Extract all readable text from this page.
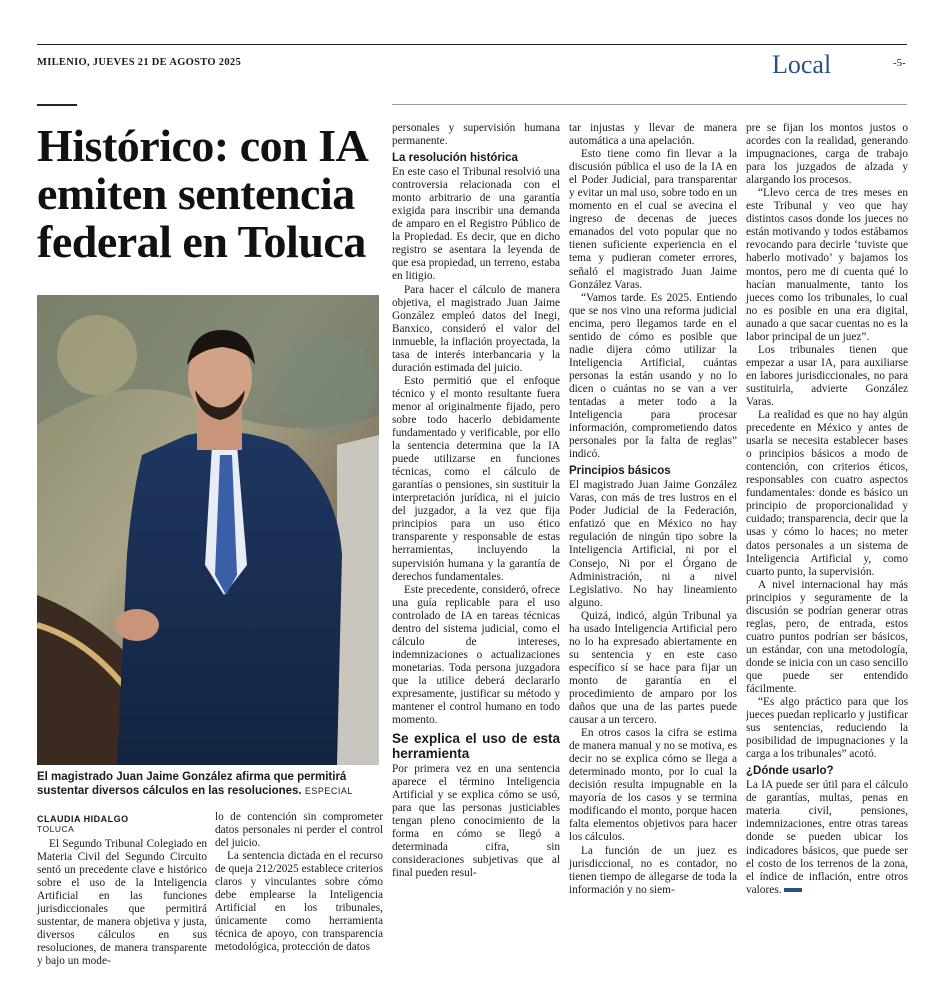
MILENIO, JUEVES 21 DE AGOSTO 2025	Local	-5-
Histórico: con IA emiten sentencia federal en Toluca
El magistrado Juan Jaime González afirma que permitirá sustentar diversos cálculos en las resoluciones. ESPECIAL
CLAUDIA HIDALGO
TOLUCA

El Segundo Tribunal Colegiado en Materia Civil del Segundo Circuito sentó un precedente clave e histórico sobre el uso de la Inteligencia Artificial en las funciones jurisdiccionales que permitirá sustentar, de manera objetiva y justa, diversos cálculos en sus resoluciones, de manera transparente y bajo un mode-

lo de contención sin comprometer datos personales ni perder el control del juicio.

La sentencia dictada en el recurso de queja 212/2025 establece criterios claros y vinculantes sobre cómo debe emplearse la Inteligencia Artificial en los tribunales, únicamente como herramienta técnica de apoyo, con transparencia metodológica, protección de datos

personales y supervisión humana permanente.

La resolución histórica

En este caso el Tribunal resolvió una controversia relacionada con el monto arbitrario de una garantía exigida para inscribir una demanda de amparo en el Registro Público de la Propiedad. Es decir, que en dicho registro se asentara la leyenda de que esa propiedad, un terreno, estaba en litigio.

Para hacer el cálculo de manera objetiva, el magistrado Juan Jaime González empleó datos del Inegi, Banxico, consideró el valor del inmueble, la inflación proyectada, la tasa de interés interbancaria y la duración estimada del juicio.

Esto permitió que el enfoque técnico y el monto resultante fuera menor al originalmente fijado, pero sobre todo hacerlo debidamente fundamentado y verificable, por ello la sentencia determina que la IA puede utilizarse en funciones técnicas, como el cálculo de garantías o pensiones, sin sustituir la interpretación jurídica, ni el juicio del juzgador, a la vez que fija principios para un uso ético transparente y responsable de estas herramientas, incluyendo la supervisión humana y la garantía de derechos fundamentales.

Este precedente, consideró, ofrece una guía replicable para el uso controlado de IA en tareas técnicas dentro del sistema judicial, como el cálculo de intereses, indemnizaciones o actualizaciones monetarias. Toda persona juzgadora que la utilice deberá declararlo expresamente, justificar su método y mantener el control humano en todo momento.

Se explica el uso de esta herramienta

Por primera vez en una sentencia aparece el término Inteligencia Artificial y se explica cómo se usó, para que las personas justiciables tengan pleno conocimiento de la forma en cómo se llegó a determinada cifra, sin consideraciones subjetivas que al final pueden resul-

tar injustas y llevar de manera automática a una apelación.

Esto tiene como fin llevar a la discusión pública el uso de la IA en el Poder Judicial, para transparentar y evitar un mal uso, sobre todo en un momento en el cual se avecina el ingreso de decenas de jueces emanados del voto popular que no tienen suficiente experiencia en el tema y pudieran cometer errores, señaló el magistrado Juan Jaime González Varas.

“Vamos tarde. Es 2025. Entiendo que se nos vino una reforma judicial encima, pero llegamos tarde en el sentido de cómo es posible que nadie dijera cómo utilizar la Inteligencia Artificial, cuántas personas la están usando y no lo dicen o cuántas no se van a ver tentadas a meter todo a la Inteligencia para procesar información, comprometiendo datos personales por la falta de reglas” indicó.

Principios básicos

El magistrado Juan Jaime González Varas, con más de tres lustros en el Poder Judicial de la Federación, enfatizó que en México no hay regulación de ningún tipo sobre la Inteligencia Artificial, ni por el Consejo, Ni por el Órgano de Administración, ni a nivel Legislativo. No hay lineamiento alguno.

Quizá, indicó, algún Tribunal ya ha usado Inteligencia Artificial pero no lo ha expresado abiertamente en su sentencia y en este caso específico sí se hace para fijar un monto de garantía en el procedimiento de amparo por los daños que una de las partes puede causar a un tercero.

En otros casos la cifra se estima de manera manual y no se motiva, es decir no se explica cómo se llega a determinado monto, por lo cual la decisión resulta impugnable en la mayoría de los casos y se termina modificando el monto, porque hacen falta elementos objetivos para hacer los cálculos.

La función de un juez es jurisdiccional, no es contador, no tienen tiempo de allegarse de toda la información y no siem-

pre se fijan los montos justos o acordes con la realidad, generando impugnaciones, carga de trabajo para los juzgados de alzada y alargando los procesos.

“Llevo cerca de tres meses en este Tribunal y veo que hay distintos casos donde los jueces no están motivando y todos estábamos revocando para decirle ‘tuviste que haberlo motivado’ y bajamos los montos, pero me di cuenta qué lo hacían manualmente, tanto los jueces como los tribunales, lo cual no es posible en una era digital, aunado a que sacar cuentas no es la labor principal de un juez”.

Los tribunales tienen que empezar a usar IA, para auxiliarse en labores jurisdiccionales, no para sustituirla, advierte González Varas.

La realidad es que no hay algún precedente en México y antes de usarla se necesita establecer bases o principios básicos a modo de contención, con criterios éticos, responsables con cuatro aspectos fundamentales: donde es básico un principio de proporcionalidad y cuidado; transparencia, decir que la usas y cómo lo haces; no meter datos personales a un sistema de Inteligencia Artificial y, como cuarto punto, la supervisión.

A nivel internacional hay más principios y seguramente de la discusión se podrían generar otras reglas, pero, de entrada, estos cuatro puntos podrían ser básicos, un estándar, con una metodología, donde se inicia con un caso sencillo que puede ser entendido fácilmente.

“Es algo práctico para que los jueces puedan replicarlo y justificar sus sentencias, reduciendo la posibilidad de impugnaciones y la carga a los tribunales” acotó.

¿Dónde usarlo?

La IA puede ser útil para el cálculo de garantías, multas, penas en materia civil, pensiones, indemnizaciones, entre otras tareas donde se pueden ubicar los indicadores básicos, que puede ser el costo de los terrenos de la zona, el índice de inflación, entre otros valores.
